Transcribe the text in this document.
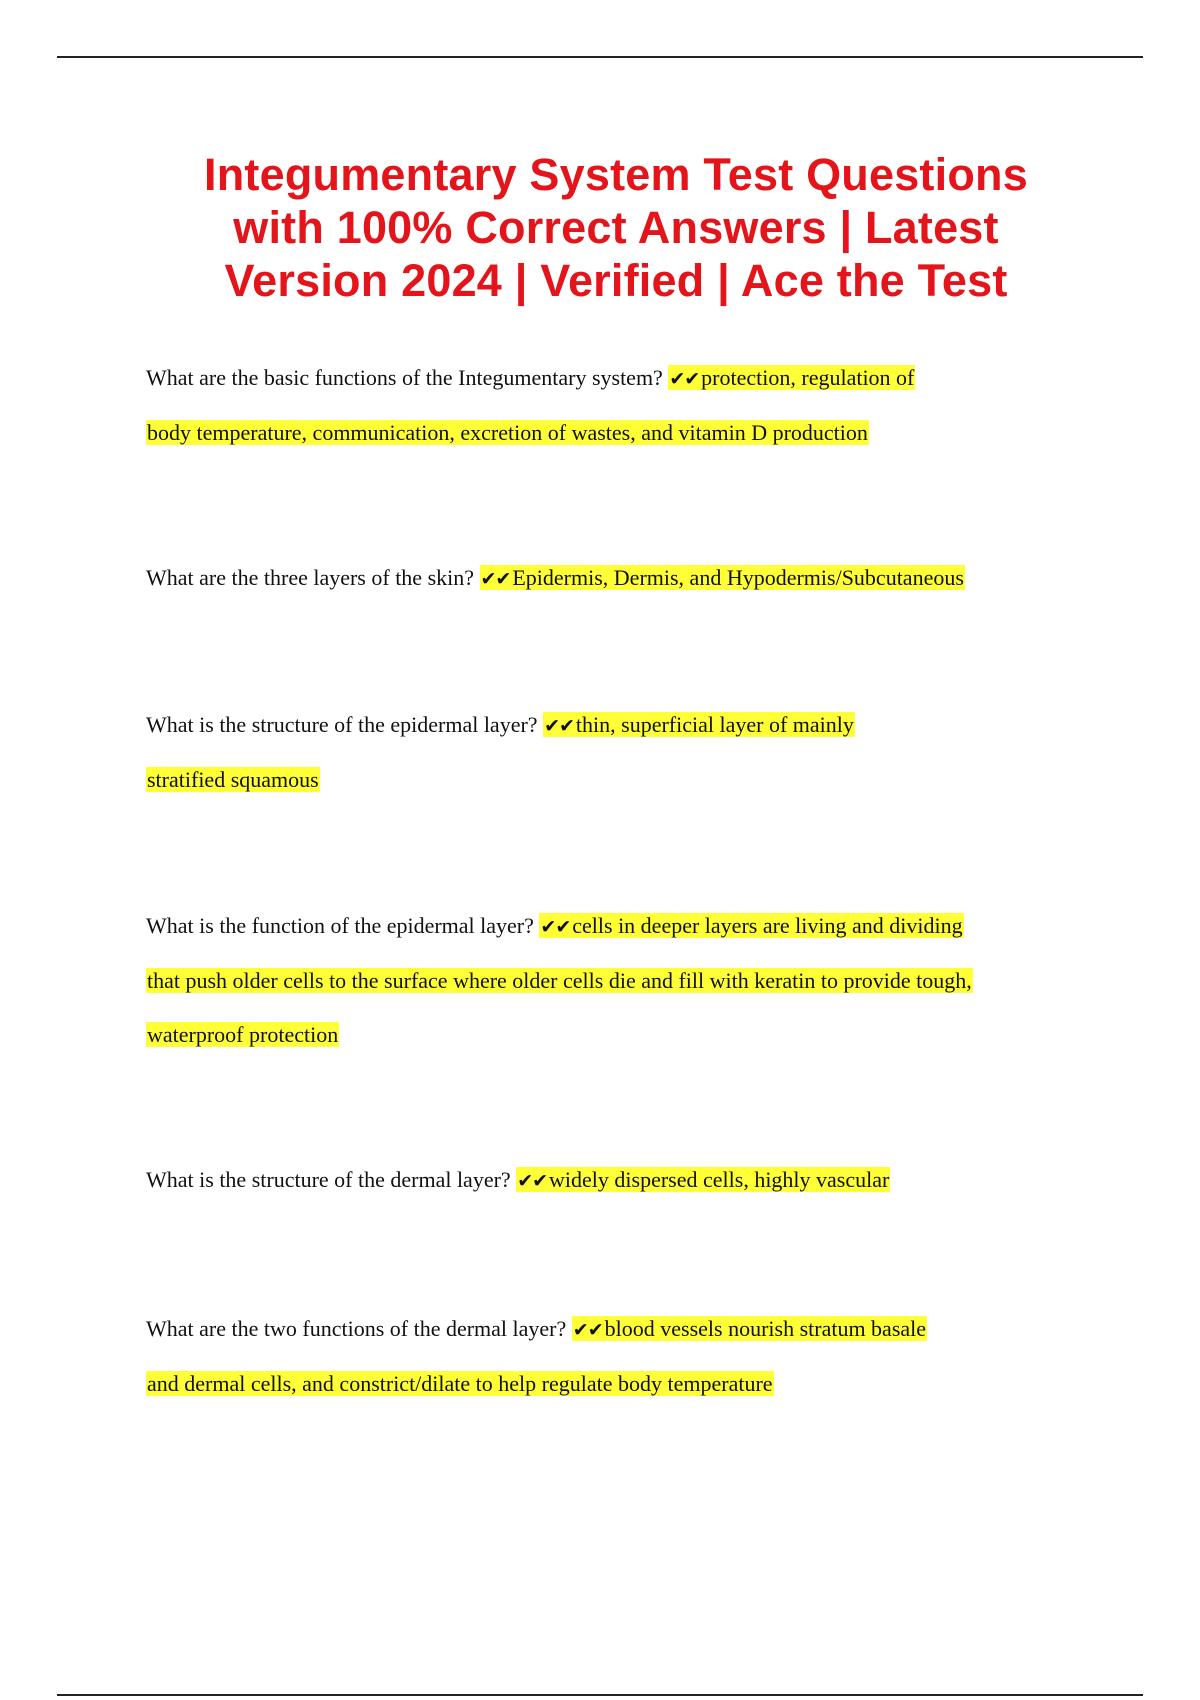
Integumentary System Test Questions
with 100% Correct Answers | Latest
Version 2024 | Verified | Ace the Test

What are the basic functions of the Integumentary system? ✔✔protection, regulation of
body temperature, communication, excretion of wastes, and vitamin D production

What are the three layers of the skin? ✔✔Epidermis, Dermis, and Hypodermis/Subcutaneous

What is the structure of the epidermal layer? ✔✔thin, superficial layer of mainly
stratified squamous

What is the function of the epidermal layer? ✔✔cells in deeper layers are living and dividing
that push older cells to the surface where older cells die and fill with keratin to provide tough,
waterproof protection

What is the structure of the dermal layer? ✔✔widely dispersed cells, highly vascular

What are the two functions of the dermal layer? ✔✔blood vessels nourish stratum basale
and dermal cells, and constrict/dilate to help regulate body temperature
